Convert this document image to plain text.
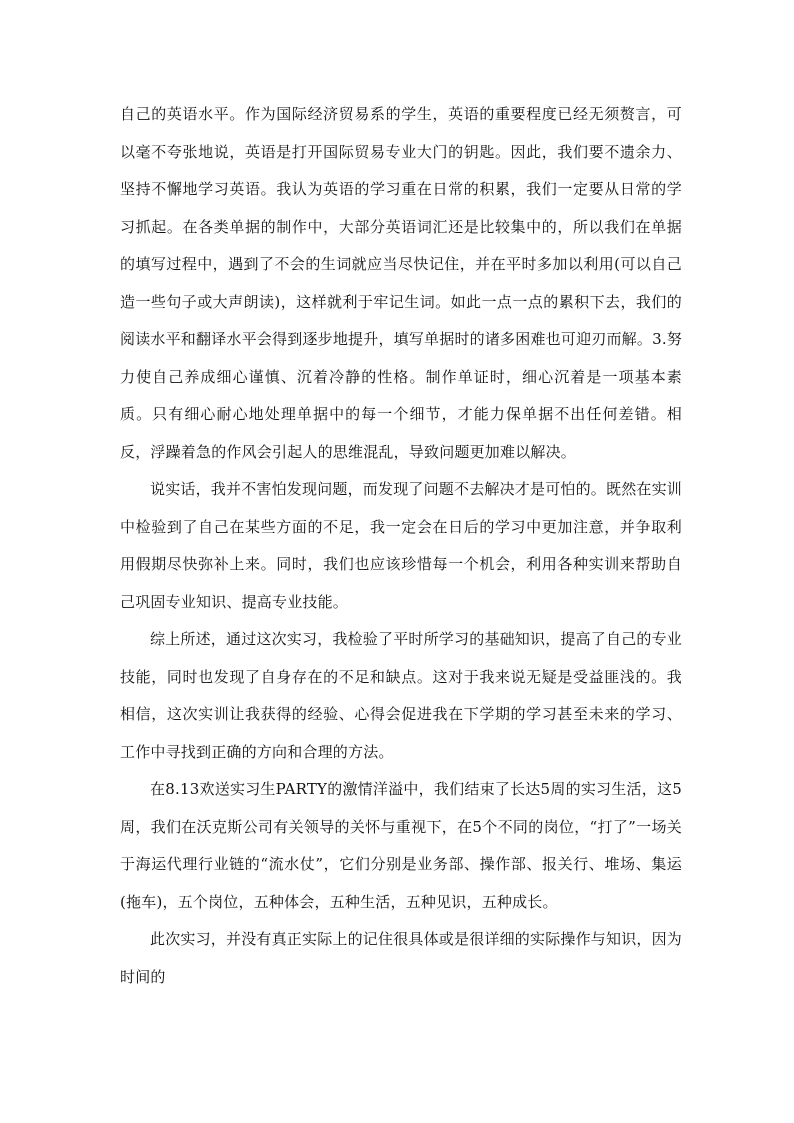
自己的英语水平。作为国际经济贸易系的学生，英语的重要程度已经无须赘言，可以毫不夸张地说，英语是打开国际贸易专业大门的钥匙。因此，我们要不遗余力、坚持不懈地学习英语。我认为英语的学习重在日常的积累，我们一定要从日常的学习抓起。在各类单据的制作中，大部分英语词汇还是比较集中的，所以我们在单据的填写过程中，遇到了不会的生词就应当尽快记住，并在平时多加以利用(可以自己造一些句子或大声朗读)，这样就利于牢记生词。如此一点一点的累积下去，我们的阅读水平和翻译水平会得到逐步地提升，填写单据时的诸多困难也可迎刃而解。3.努力使自己养成细心谨慎、沉着冷静的性格。制作单证时，细心沉着是一项基本素质。只有细心耐心地处理单据中的每一个细节，才能力保单据不出任何差错。相反，浮躁着急的作风会引起人的思维混乱，导致问题更加难以解决。

说实话，我并不害怕发现问题，而发现了问题不去解决才是可怕的。既然在实训中检验到了自己在某些方面的不足，我一定会在日后的学习中更加注意，并争取利用假期尽快弥补上来。同时，我们也应该珍惜每一个机会，利用各种实训来帮助自己巩固专业知识、提高专业技能。

综上所述，通过这次实习，我检验了平时所学习的基础知识，提高了自己的专业技能，同时也发现了自身存在的不足和缺点。这对于我来说无疑是受益匪浅的。我相信，这次实训让我获得的经验、心得会促进我在下学期的学习甚至未来的学习、工作中寻找到正确的方向和合理的方法。

在8.13欢送实习生PARTY的激情洋溢中，我们结束了长达5周的实习生活，这5周，我们在沃克斯公司有关领导的关怀与重视下，在5个不同的岗位，“打了”一场关于海运代理行业链的“流水仗”，它们分别是业务部、操作部、报关行、堆场、集运(拖车)，五个岗位，五种体会，五种生活，五种见识，五种成长。

此次实习，并没有真正实际上的记住很具体或是很详细的实际操作与知识，因为时间的
